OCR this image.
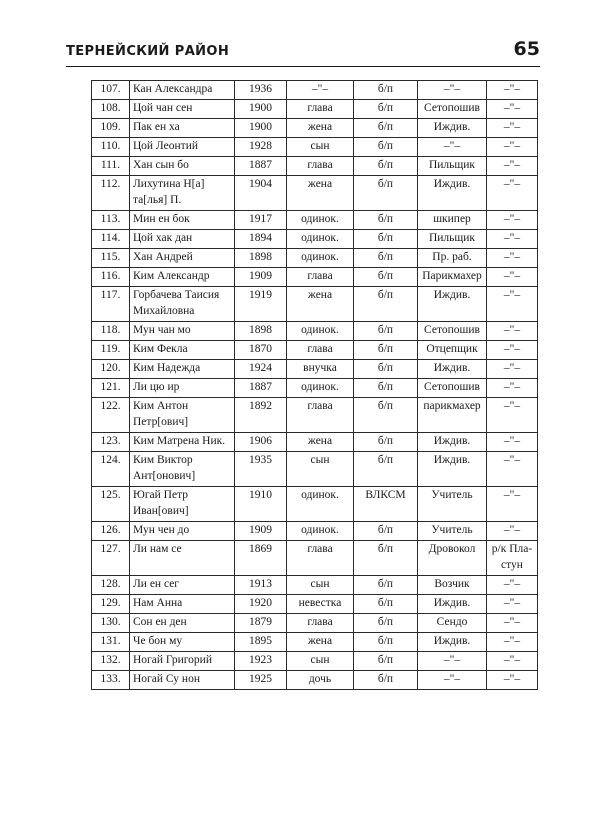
ТЕРНЕЙСКИЙ РАЙОН	65
107.	Кан Александра	1936	–"–	б/п	–"–	–"–
108.	Цой чан сен	1900	глава	б/п	Сетопошив	–"–
109.	Пак ен ха	1900	жена	б/п	Иждив.	–"–
110.	Цой Леонтий	1928	сын	б/п	–"–	–"–
111.	Хан сын бо	1887	глава	б/п	Пильщик	–"–
112.	Лихутина Н[а]
та[лья] П.	1904	жена	б/п	Иждив.	–"–
113.	Мин ен бок	1917	одинок.	б/п	шкипер	–"–
114.	Цой хак дан	1894	одинок.	б/п	Пильщик	–"–
115.	Хан Андрей	1898	одинок.	б/п	Пр. раб.	–"–
116.	Ким Александр	1909	глава	б/п	Парикмахер	–"–
117.	Горбачева Таисия
Михайловна	1919	жена	б/п	Иждив.	–"–
118.	Мун чан мо	1898	одинок.	б/п	Сетопошив	–"–
119.	Ким Фекла	1870	глава	б/п	Отцепщик	–"–
120.	Ким Надежда	1924	внучка	б/п	Иждив.	–"–
121.	Ли цю ир	1887	одинок.	б/п	Сетопошив	–"–
122.	Ким Антон
Петр[ович]	1892	глава	б/п	парикмахер	–"–
123.	Ким Матрена Ник.	1906	жена	б/п	Иждив.	–"–
124.	Ким Виктор
Ант[онович]	1935	сын	б/п	Иждив.	–"–
125.	Югай Петр
Иван[ович]	1910	одинок.	ВЛКСМ	Учитель	–"–
126.	Мун чен до	1909	одинок.	б/п	Учитель	–"–
127.	Ли нам се	1869	глава	б/п	Дровокол	р/к Пла-
стун
128.	Ли ен сег	1913	сын	б/п	Возчик	–"–
129.	Нам Анна	1920	невестка	б/п	Иждив.	–"–
130.	Сон ен ден	1879	глава	б/п	Сендо	–"–
131.	Че бон му	1895	жена	б/п	Иждив.	–"–
132.	Ногай Григорий	1923	сын	б/п	–"–	–"–
133.	Ногай Су нон	1925	дочь	б/п	–"–	–"–
